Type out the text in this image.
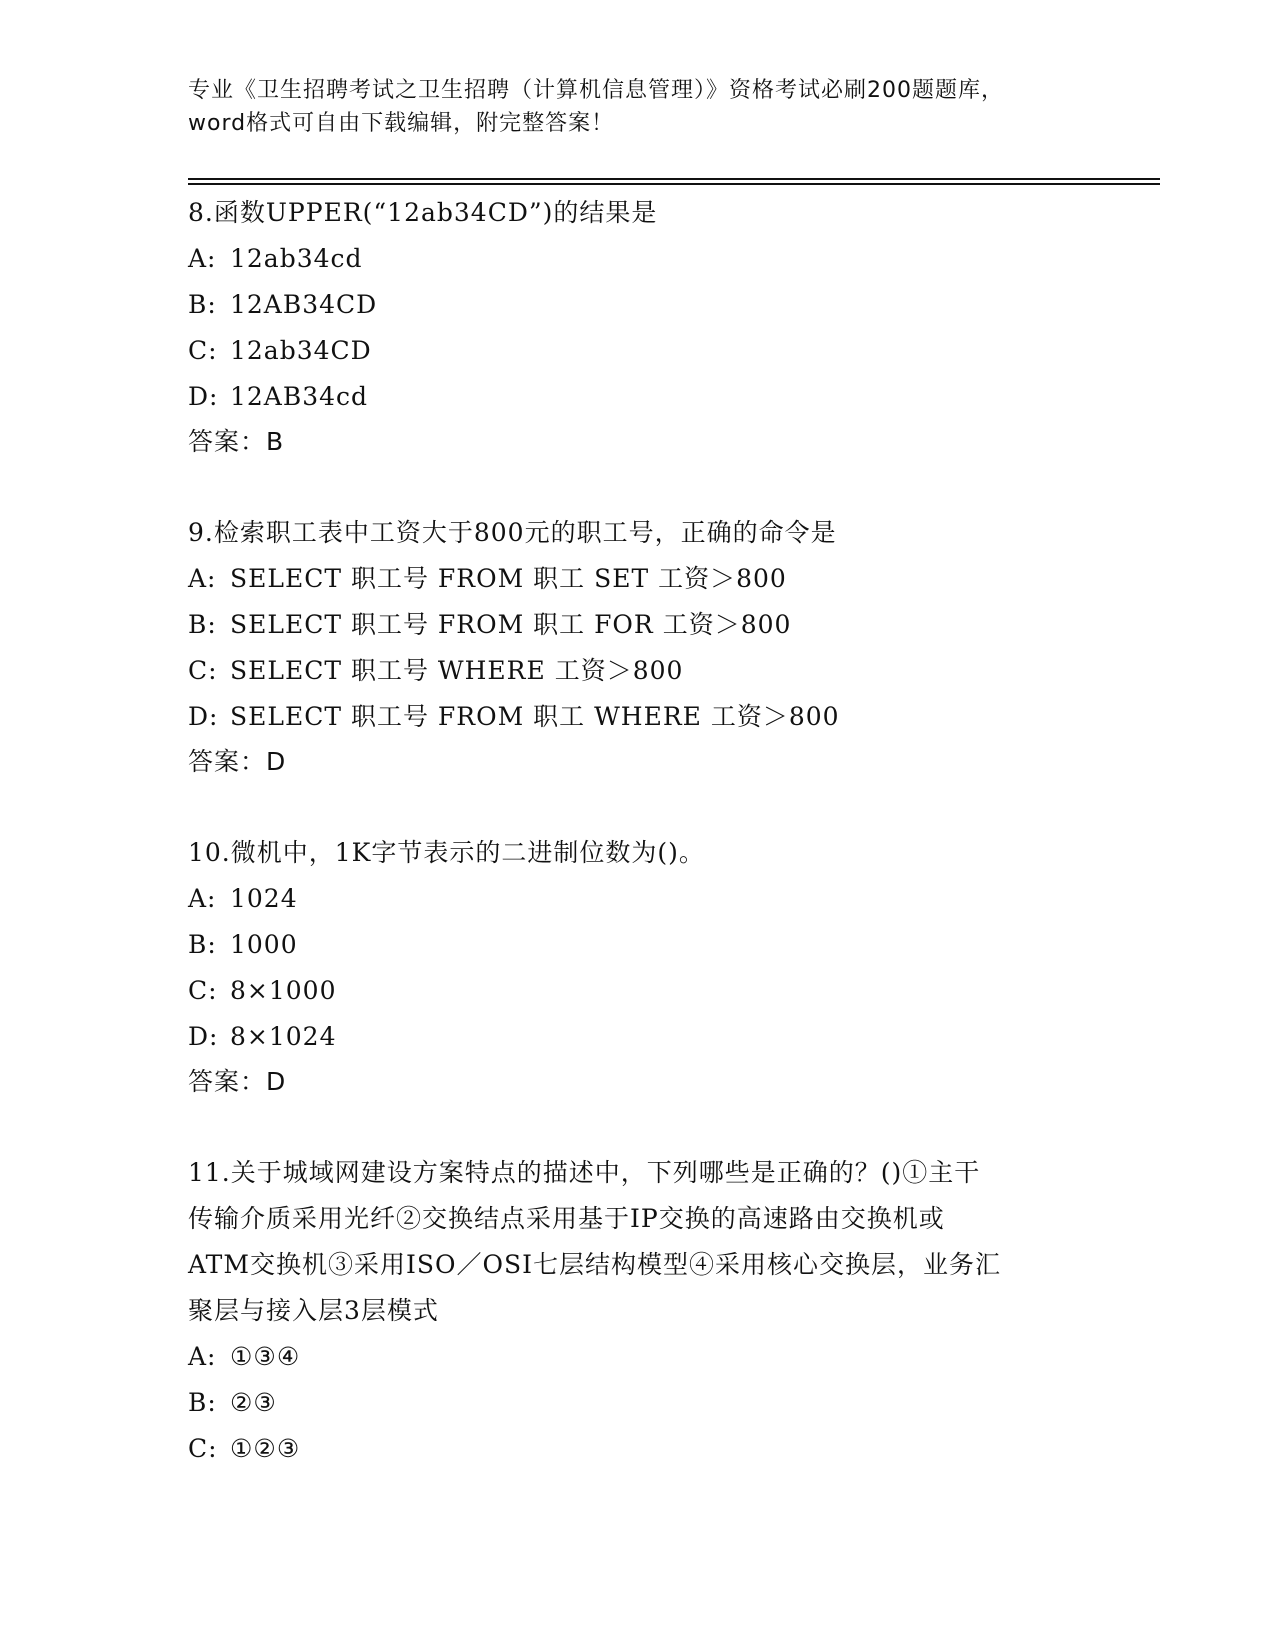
专业《卫生招聘考试之卫生招聘（计算机信息管理）》资格考试必刷200题题库，
word格式可自由下载编辑，附完整答案！
8.函数UPPER(“12ab34CD”)的结果是
A: 12ab34cd
B: 12AB34CD
C: 12ab34CD
D: 12AB34cd
答案：B
9.检索职工表中工资大于800元的职工号，正确的命令是
A: SELECT 职工号 FROM 职工 SET 工资＞800
B: SELECT 职工号 FROM 职工 FOR 工资＞800
C: SELECT 职工号 WHERE 工资＞800
D: SELECT 职工号 FROM 职工 WHERE 工资＞800
答案：D
10.微机中，1K字节表示的二进制位数为()。
A: 1024
B: 1000
C: 8×1000
D: 8×1024
答案：D
11.关于城域网建设方案特点的描述中，下列哪些是正确的？()①主干
传输介质采用光纤②交换结点采用基于IP交换的高速路由交换机或
ATM交换机③采用ISO／OSI七层结构模型④采用核心交换层，业务汇
聚层与接入层3层模式
A: ①③④
B: ②③
C: ①②③
